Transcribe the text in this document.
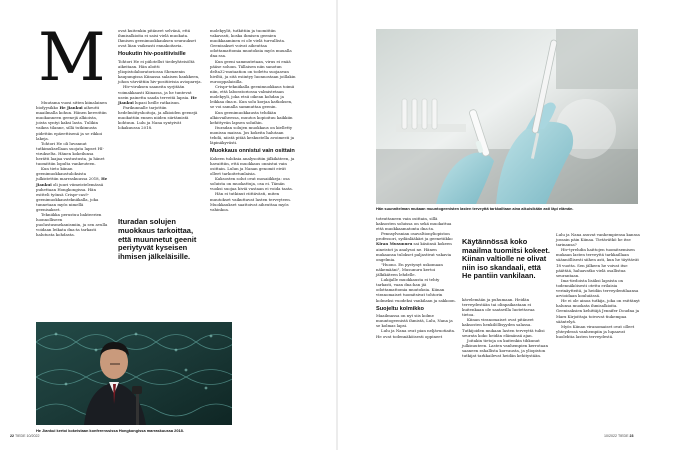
M

Muutama vuosi sitten kiinalainen biofyysikko He Jiankui aiheutti maailmalla kohun. Hänen kerrottiin muokanneen geenejä alkioista, joista syntyi kaksi lasta. Tulikin vaikea tilanne, sillä tutkimusta pidettiin epäeettisenä ja se rikkoi lakeja.

Tohtori He oli luvannut tutkimuksellaan suojata lapset HI-virukselta. Hänen kokeilunsa herätti laajaa vastustusta, ja hänet tuomittiin lopulta vankeuteen.

Kun tieto kiinan geenimuokkaustuloksista julkistettiin marraskuussa 2018, He Jiankui oli juuri viimeistelemässä puhettaan Hongkongissa. Hän esitteli työnsä Crispr-cas9-geenimuokkaustekniikalla, joka tunnetaan myös nimellä geenisakset.

Tekniikka perustuu bakteerien luonnolliseen puolustusmekanismiin, ja sen avulla voidaan leikata dna:ta tarkasti halutusta kohdasta.

ovat kuitenkin pitäneet selvänä, että ihmisalkioita ei saisi vielä muokata. Ihmisen geenimuokkauksen seuraukset ovat liian vaikeasti ennakoitavia.

Houkutin hiv-positiivisille

Tohtori He ei piilotellut tiedeyhteisöltä aikeitaan. Hän aloitti yliopistolaboratoriossa Shenzenin kaupungissa Kiinassa salaisen hankkeen, johon värvättiin hiv-positiivisia aviopareja.

Hiv-viruksen saaneita syrjitään voimakkaasti Kiinassa, ja he tuntevat usein painetta saada terveitä lapsia. He Jiankui lupasi heille ratkaisun.

Parikunnalle tarjottiin hedelmöityshoitoja, ja alkioiden geenejä muokattiin ennen niiden siirtämistä kohtuun. Lulu ja Nana syntyivät lokakuussa 2018.

Ituradan solujen muokkaus tarkoittaa, että muunnetut geenit periytyvät kyseisen ihmisen jälkeläisille.

molekyylit, tutkittiin ja tuomittiin vakavasti, koska ihmisen geenien muokkaaminen ei ole vielä turvallista. Geenisakset voivat aiheuttaa odottamattomia muutoksia myös muualla dna:ssa.

Kun geeni sammutetaan, virus ei enää pääse soluun. Tällaisen niin sanotun delta32-mutaation on todettu suojaavan hiviltä, ja sitä esiintyy luonnostaan joillakin eurooppalaisilla.

Crispr-tekniikalla geenimuokkaus toimii niin, että laboratoriossa valmistetaan molekyyli, joka etsii oikean kohdan ja leikkaa dna:n. Kun solu korjaa katkoksen, se voi samalla sammuttaa geenin.

Kun geenimuokkausta tehdään alkiovaiheessa, muutos kopioituu kaikkiin kehittyvän lapsen soluihin.

Ituradan solujen muokkaus on kielletty monissa maissa. Jos kokeita halutaan tehdä, niistä pitää keskustella avoimesti ja läpinäkyvästi.

Muokkaus onnistui vain osittain

Kokeen tuloksia analysoitiin jälkikäteen, ja havaittiin, että muokkaus onnistui vain osittain. Lulun ja Nanan genomit eivät olleet tarkoitetunlaisia.

Kaksosten solut ovat mosaiikkeja: osa soluista on muokattuja, osa ei. Tämän vuoksi suojaa hiviä vastaan ei voida taata.

Hän ei tutkinut riittävästi, miten muutokset vaikuttavat lasten terveyteen. Muokkaukset saattoivat aiheuttaa myös vahinkoa.

He Jiankui kertoi kokeistaan konferenssissa Hongkongissa marraskuussa 2018.
22 TIEDE 10/2022
Hän suunnitelman mukaan muuntogeenisten lasten terveyttä tarkkailtaan aina aikuisikään asti läpi elämän.

toteuttaneen vain osittain, sillä kaksosten soluissa on sekä muokattua että muokkaamatonta dna:ta.

Pennsylvanian osavaltionyliopiston professori, sydänlääkäri ja geenetiikko Kiran Musunuru sai käsiinsä kokeen aineistot ja analysoi ne. Hänen mukaansa tulokset paljastivat vakavia ongelmia.

"Huono. En pystynyt uskomaan näkemääni", Musunuru kertoi jälkikäteen lehdelle.

Lukijalle muokkausta ei tehty tarkasti, vaan dna:han jäi odottamattomia muutoksia. Kiinan viranomaiset tuomitsivat tohtorin kolmeksi vuodeksi vankilaan ja sakkoon.

Suojeltu kolmikko

Maailmassa on nyt siis kolme muuntogeenistä ihmistä, Lulu, Nana ja se kolmas lapsi.

Lulu ja Nana ovat pian neljävuotiaita. He ovat todennäköisesti oppineet

Käytännössä koko maailma tuomitsi kokeet. Kiinan valtiolle ne olivat niin iso skandaali, että He pantiin vankilaan.

kävelemään ja puhumaan. Heidän terveydestään tai olinpaikastaan ei kuitenkaan ole saatavilla luotettavaa tietoa.

Kiinan viranomaiset ovat pitäneet kaksosten henkilöllisyyden salassa. Tutkijoiden mukaan lasten terveyttä tulisi seurata koko heidän elämänsä ajan.

Joitakin tietoja on kuitenkin tihkunut julkisuuteen. Lasten vanhempien kerrotaan saaneen rahallista korvausta, ja yliopiston tutkijat tarkkailevat heidän kehitystään.

Lulu ja Nana asuvat vanhempiensa kanssa jossain päin Kiinaa. Tietävätkö he itse tarinansa?

Hiv-tyrehdin haittojen tuomitsemisen mukaan lasten terveyttä tarkkaillaan säännöllisesti siihen asti, kun he täyttävät 18 vuotta. Sen jälkeen he voivat itse päättää, haluavatko vielä osallistua seurantaan.

Ima-tiedoista lisäksi lapsista on todennäköisesti otettu erilaisia verinäytteitä, ja heidän terveydentilaansa arvioidaan kouluiässä.

He ei ole ainoa tutkija, joka on esittänyt halunsa muokata ihmisalkioita. Geenisaksien kehittäjä Jennifer Doudna ja Marx Kirjoittaja toivovat tiukempaa sääntelyä.

Myös Kiinan viranomaiset ovat olleet yhteydessä vanhempiin ja lupaavat huolehtia lasten terveydestä.

10/2022 TIEDE 23
